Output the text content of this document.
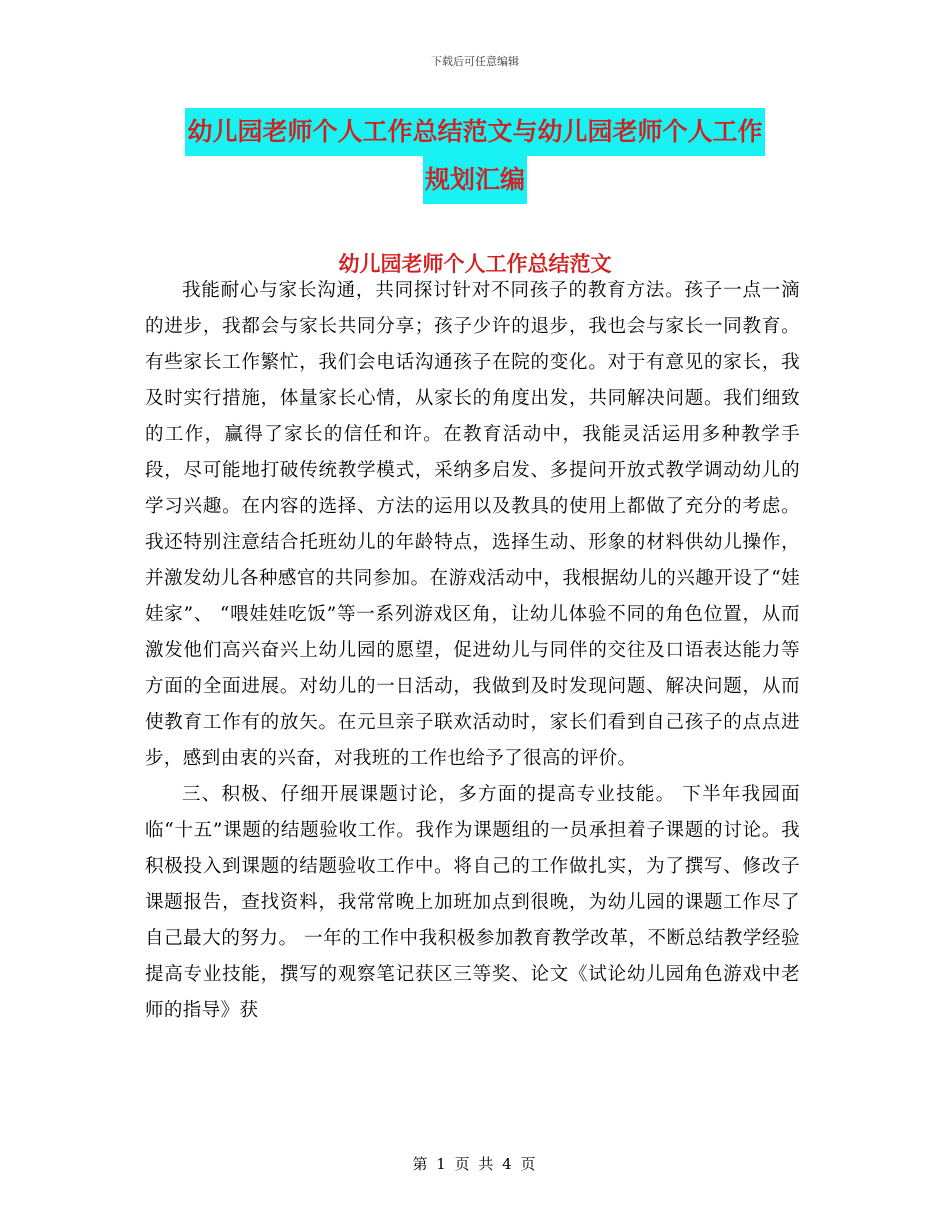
下载后可任意编辑
幼儿园老师个人工作总结范文与幼儿园老师个人工作
规划汇编
幼儿园老师个人工作总结范文

我能耐心与家长沟通，共同探讨针对不同孩子的教育方法。孩子一点一滴的进步，我都会与家长共同分享；孩子少许的退步，我也会与家长一同教育。有些家长工作繁忙，我们会电话沟通孩子在院的变化。对于有意见的家长，我及时实行措施，体量家长心情，从家长的角度出发，共同解决问题。我们细致的工作，赢得了家长的信任和许。在教育活动中，我能灵活运用多种教学手段，尽可能地打破传统教学模式，采纳多启发、多提问开放式教学调动幼儿的学习兴趣。在内容的选择、方法的运用以及教具的使用上都做了充分的考虑。我还特别注意结合托班幼儿的年龄特点，选择生动、形象的材料供幼儿操作，并激发幼儿各种感官的共同参加。在游戏活动中，我根据幼儿的兴趣开设了“娃娃家”、 “喂娃娃吃饭”等一系列游戏区角，让幼儿体验不同的角色位置，从而激发他们高兴奋兴上幼儿园的愿望，促进幼儿与同伴的交往及口语表达能力等方面的全面进展。对幼儿的一日活动，我做到及时发现问题、解决问题，从而使教育工作有的放矢。在元旦亲子联欢活动时，家长们看到自己孩子的点点进步，感到由衷的兴奋，对我班的工作也给予了很高的评价。

三、积极、仔细开展课题讨论，多方面的提高专业技能。 下半年我园面临“十五”课题的结题验收工作。我作为课题组的一员承担着子课题的讨论。我积极投入到课题的结题验收工作中。将自己的工作做扎实，为了撰写、修改子课题报告，查找资料，我常常晚上加班加点到很晚，为幼儿园的课题工作尽了自己最大的努力。 一年的工作中我积极参加教育教学改革，不断总结教学经验提高专业技能，撰写的观察笔记获区三等奖、论文《试论幼儿园角色游戏中老师的指导》获

第 1 页 共 4 页
